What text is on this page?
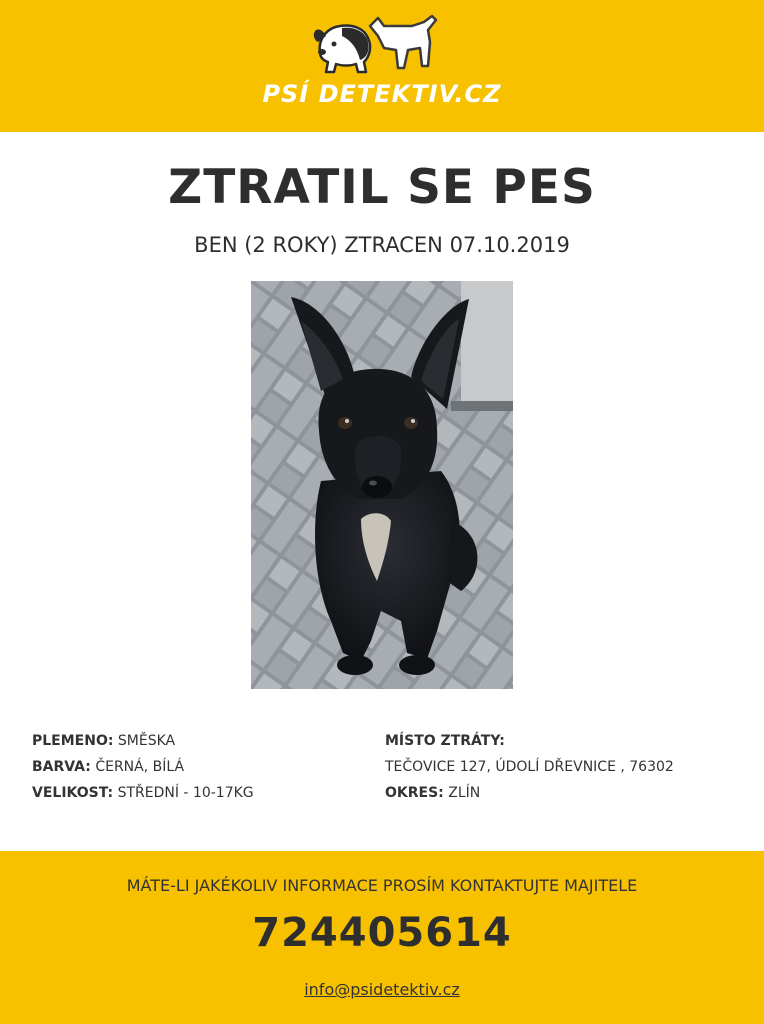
PSÍ DETEKTIV.CZ
ZTRATIL SE PES
BEN (2 ROKY) ZTRACEN 07.10.2019
PLEMENO: SMĚSKA
BARVA: ČERNÁ, BÍLÁ
VELIKOST: STŘEDNÍ - 10-17KG
MÍSTO ZTRÁTY:
TEČOVICE 127, ÚDOLÍ DŘEVNICE , 76302
OKRES: ZLÍN
MÁTE-LI JAKÉKOLIV INFORMACE PROSÍM KONTAKTUJTE MAJITELE
724405614
info@psidetektiv.cz
